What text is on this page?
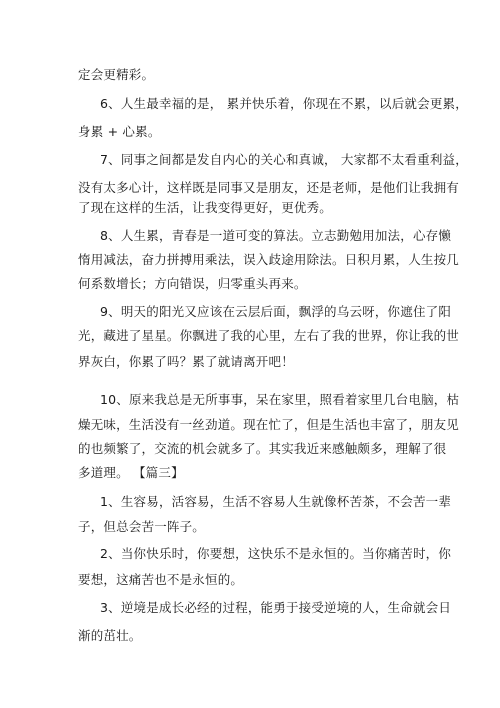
定会更精彩。
6、人生最幸福的是， 累并快乐着，你现在不累，以后就会更累，
身累 + 心累。
7、同事之间都是发自内心的关心和真诚， 大家都不太看重利益，
没有太多心计，这样既是同事又是朋友，还是老师，是他们让我拥有
了现在这样的生活，让我变得更好，更优秀。
8、人生累，青春是一道可变的算法。立志勤勉用加法，心存懒
惰用减法，奋力拼搏用乘法，误入歧途用除法。日积月累，人生按几
何系数增长；方向错误，归零重头再来。
9、明天的阳光又应该在云层后面，飘浮的乌云呀，你遮住了阳
光，藏进了星星。你飘进了我的心里，左右了我的世界，你让我的世
界灰白，你累了吗？累了就请离开吧！
10、原来我总是无所事事，呆在家里，照看着家里几台电脑，枯
燥无味，生活没有一丝劲道。现在忙了，但是生活也丰富了，朋友见
的也频繁了，交流的机会就多了。其实我近来感触颇多，理解了很
多道理。 【篇三】
1、生容易，活容易，生活不容易人生就像杯苦茶，不会苦一辈
子，但总会苦一阵子。
2、当你快乐时，你要想，这快乐不是永恒的。当你痛苦时，你
要想，这痛苦也不是永恒的。
3、逆境是成长必经的过程，能勇于接受逆境的人，生命就会日
渐的茁壮。
